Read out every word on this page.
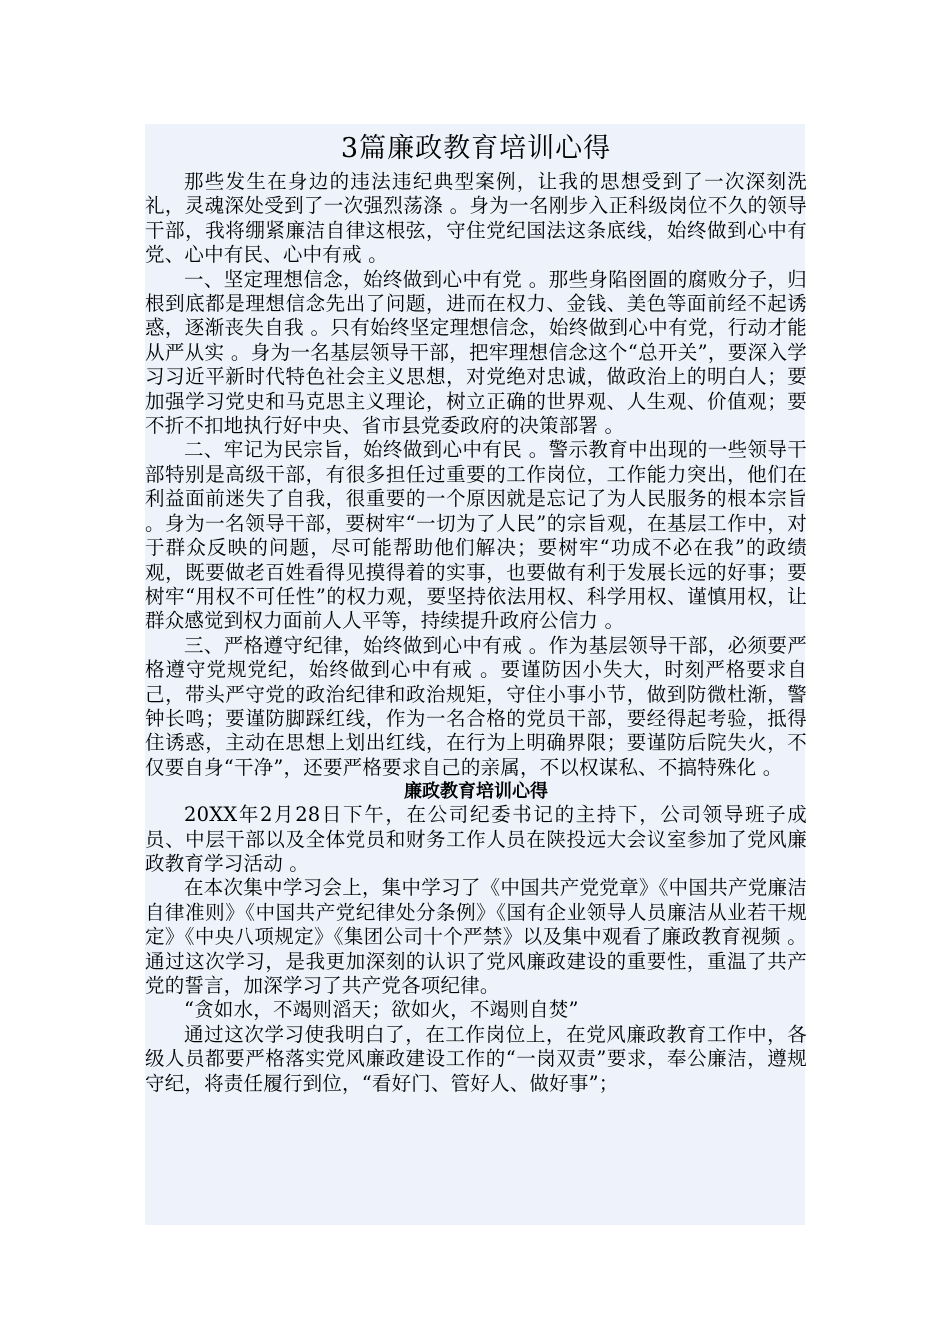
3篇廉政教育培训心得

那些发生在身边的违法违纪典型案例，让我的思想受到了一次深刻洗礼，灵魂深处受到了一次强烈荡涤 。身为一名刚步入正科级岗位不久的领导干部，我将绷紧廉洁自律这根弦，守住党纪国法这条底线，始终做到心中有党、心中有民、心中有戒 。

一、坚定理想信念，始终做到心中有党 。那些身陷囹圄的腐败分子，归根到底都是理想信念先出了问题，进而在权力、金钱、美色等面前经不起诱惑，逐渐丧失自我 。只有始终坚定理想信念，始终做到心中有党，行动才能从严从实 。身为一名基层领导干部，把牢理想信念这个“总开关”，要深入学习习近平新时代特色社会主义思想，对党绝对忠诚，做政治上的明白人；要加强学习党史和马克思主义理论，树立正确的世界观、人生观、价值观；要不折不扣地执行好中央、省市县党委政府的决策部署 。

二、牢记为民宗旨，始终做到心中有民 。警示教育中出现的一些领导干部特别是高级干部，有很多担任过重要的工作岗位，工作能力突出，他们在利益面前迷失了自我，很重要的一个原因就是忘记了为人民服务的根本宗旨 。身为一名领导干部，要树牢“一切为了人民”的宗旨观，在基层工作中，对于群众反映的问题，尽可能帮助他们解决；要树牢“功成不必在我”的政绩观，既要做老百姓看得见摸得着的实事，也要做有利于发展长远的好事；要树牢“用权不可任性”的权力观，要坚持依法用权、科学用权、谨慎用权，让群众感觉到权力面前人人平等，持续提升政府公信力 。

三、严格遵守纪律，始终做到心中有戒 。作为基层领导干部，必须要严格遵守党规党纪，始终做到心中有戒 。要谨防因小失大，时刻严格要求自己，带头严守党的政治纪律和政治规矩，守住小事小节，做到防微杜渐，警钟长鸣；要谨防脚踩红线，作为一名合格的党员干部，要经得起考验，抵得住诱惑，主动在思想上划出红线，在行为上明确界限；要谨防后院失火，不仅要自身“干净”，还要严格要求自己的亲属，不以权谋私、不搞特殊化 。

廉政教育培训心得

20XX年2月28日下午，在公司纪委书记的主持下，公司领导班子成员、中层干部以及全体党员和财务工作人员在陕投远大会议室参加了党风廉政教育学习活动 。

在本次集中学习会上，集中学习了《中国共产党党章》《中国共产党廉洁自律准则》《中国共产党纪律处分条例》《国有企业领导人员廉洁从业若干规定》《中央八项规定》《集团公司十个严禁》以及集中观看了廉政教育视频 。通过这次学习，是我更加深刻的认识了党风廉政建设的重要性，重温了共产党的誓言，加深学习了共产党各项纪律。

“贪如水，不竭则滔天；欲如火，不竭则自焚”

通过这次学习使我明白了，在工作岗位上，在党风廉政教育工作中，各级人员都要严格落实党风廉政建设工作的“一岗双责”要求，奉公廉洁，遵规守纪，将责任履行到位，“看好门、管好人、做好事”；
